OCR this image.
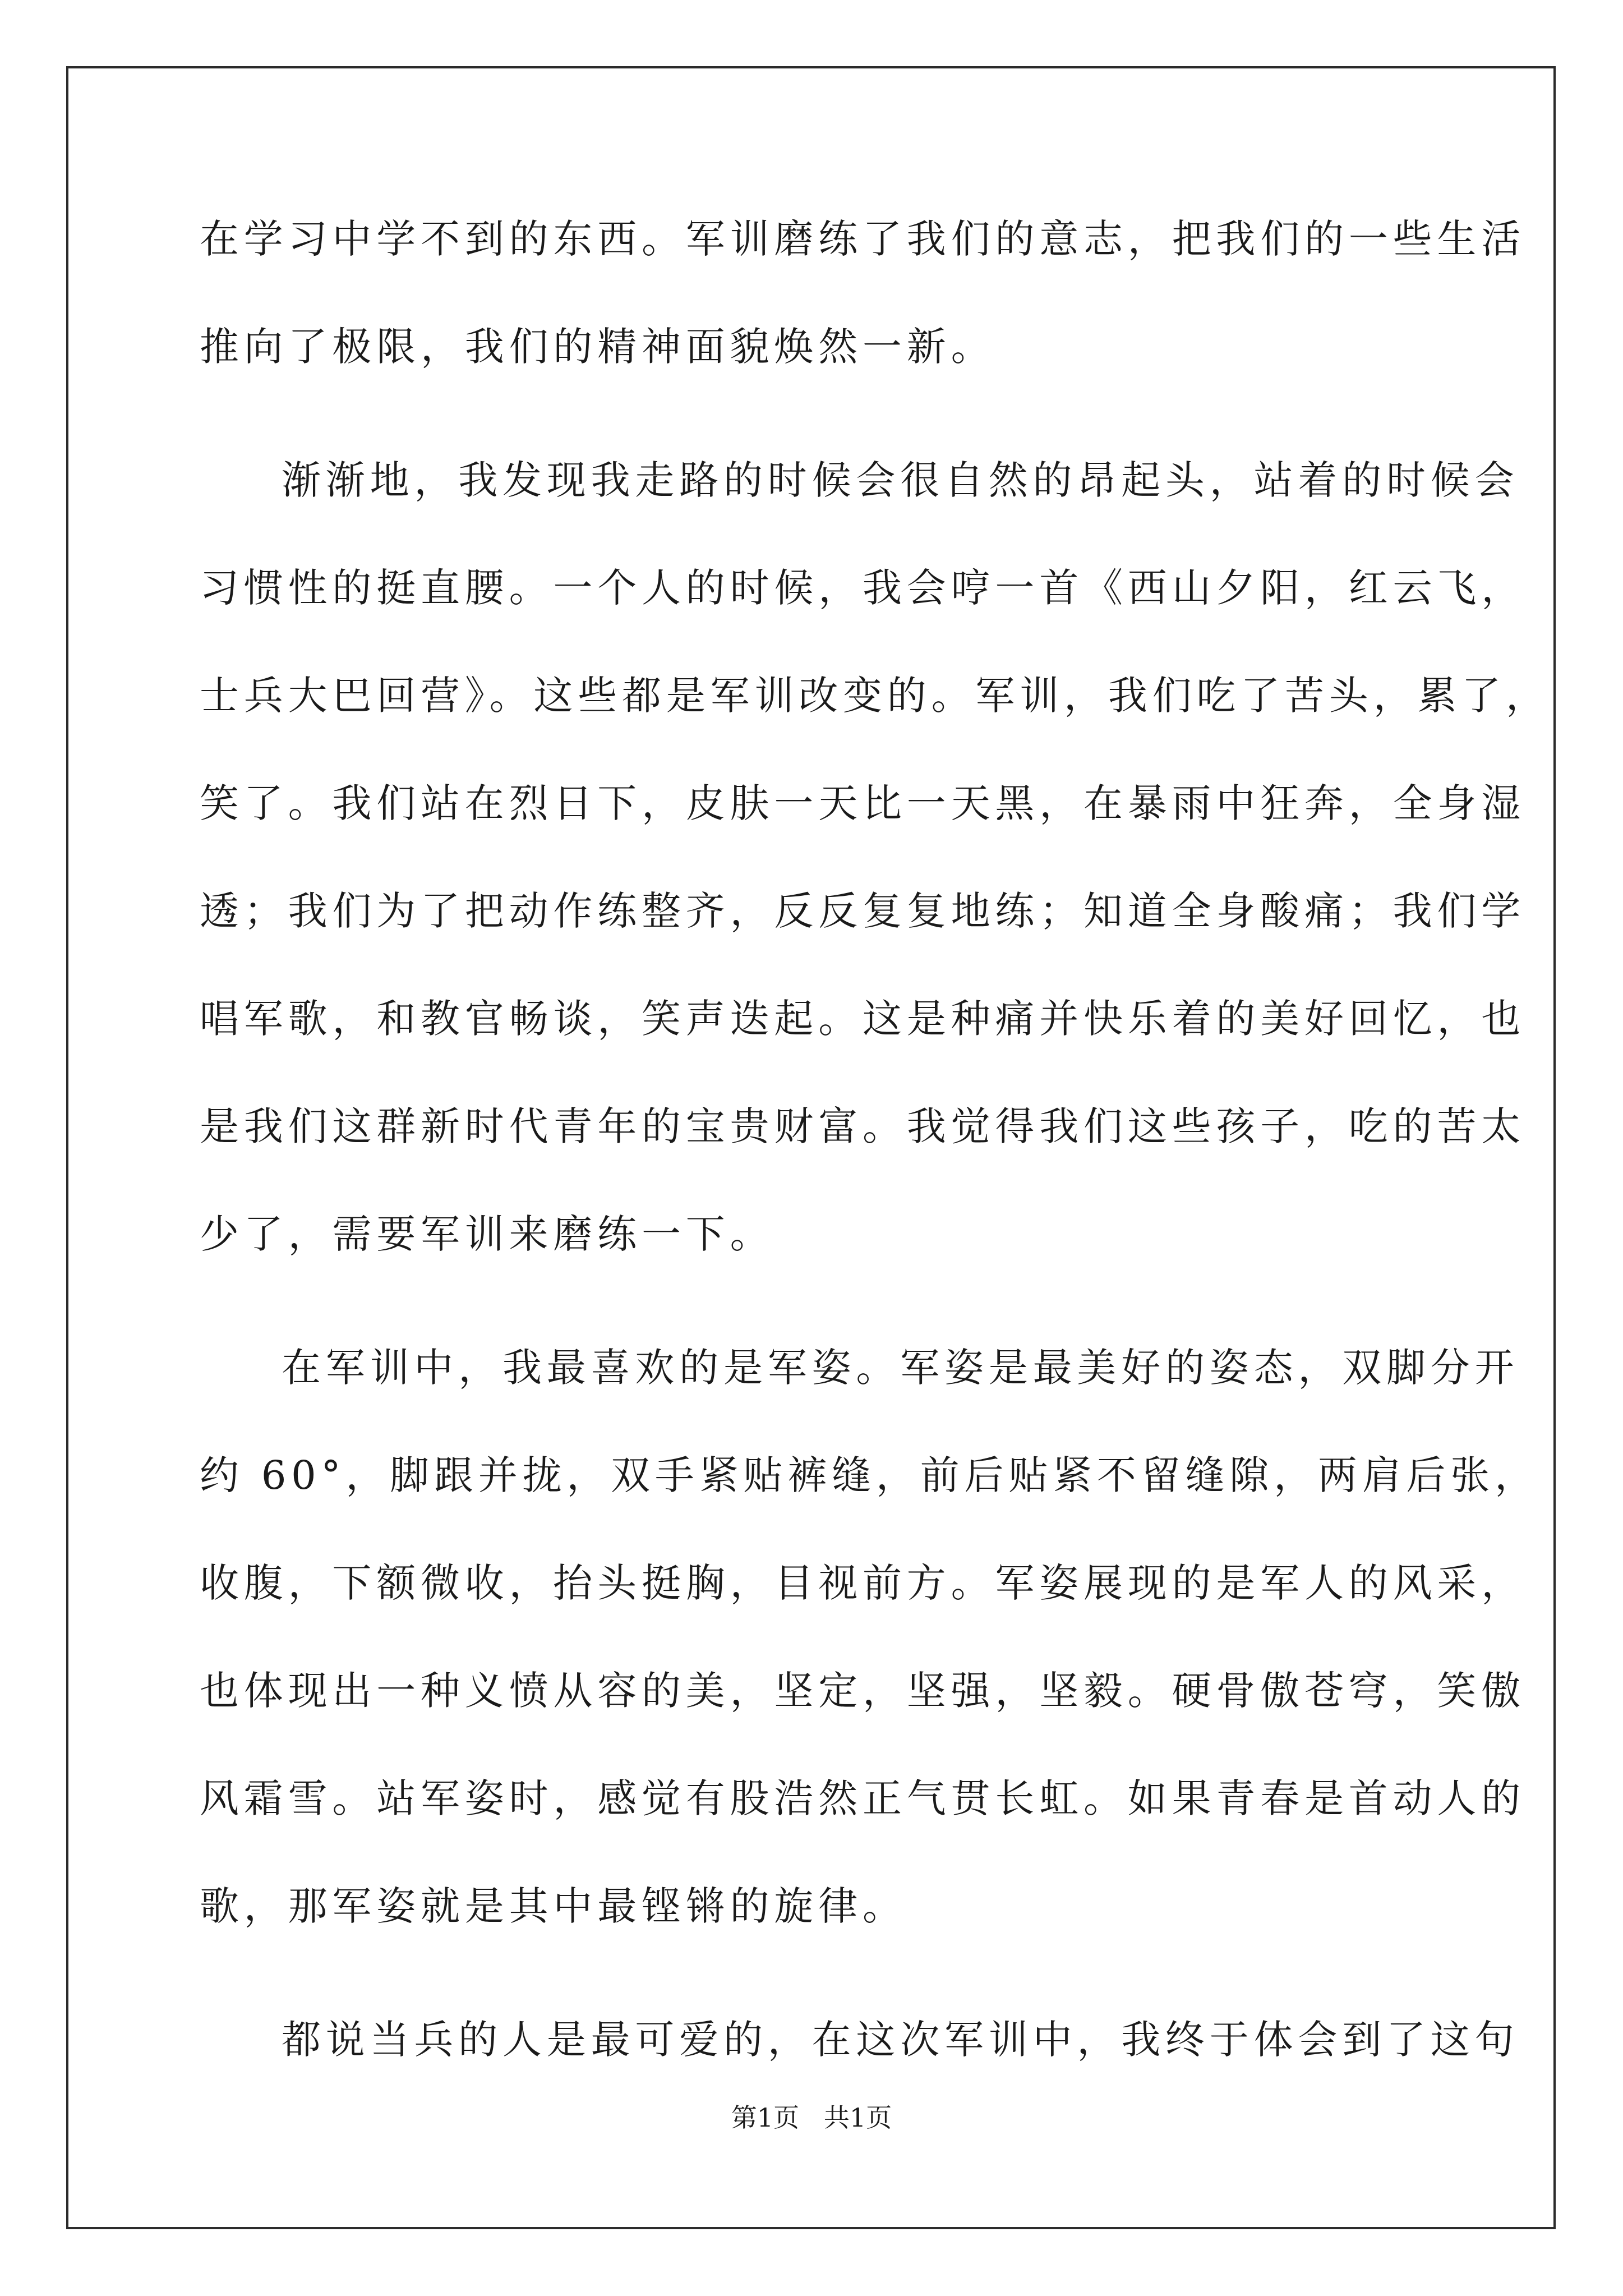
在学习中学不到的东西。军训磨练了我们的意志，把我们的一些生活
推向了极限，我们的精神面貌焕然一新。
渐渐地，我发现我走路的时候会很自然的昂起头，站着的时候会
习惯性的挺直腰。一个人的时候，我会哼一首《西山夕阳，红云飞，
士兵大巴回营》。这些都是军训改变的。军训，我们吃了苦头，累了，
笑了。我们站在烈日下，皮肤一天比一天黑，在暴雨中狂奔，全身湿
透；我们为了把动作练整齐，反反复复地练；知道全身酸痛；我们学
唱军歌，和教官畅谈，笑声迭起。这是种痛并快乐着的美好回忆，也
是我们这群新时代青年的宝贵财富。我觉得我们这些孩子，吃的苦太
少了，需要军训来磨练一下。
在军训中，我最喜欢的是军姿。军姿是最美好的姿态，双脚分开
约 60°，脚跟并拢，双手紧贴裤缝，前后贴紧不留缝隙，两肩后张，
收腹，下额微收，抬头挺胸，目视前方。军姿展现的是军人的风采，
也体现出一种义愤从容的美，坚定，坚强，坚毅。硬骨傲苍穹，笑傲
风霜雪。站军姿时，感觉有股浩然正气贯长虹。如果青春是首动人的
歌，那军姿就是其中最铿锵的旋律。
都说当兵的人是最可爱的，在这次军训中，我终于体会到了这句
第1页   共1页
